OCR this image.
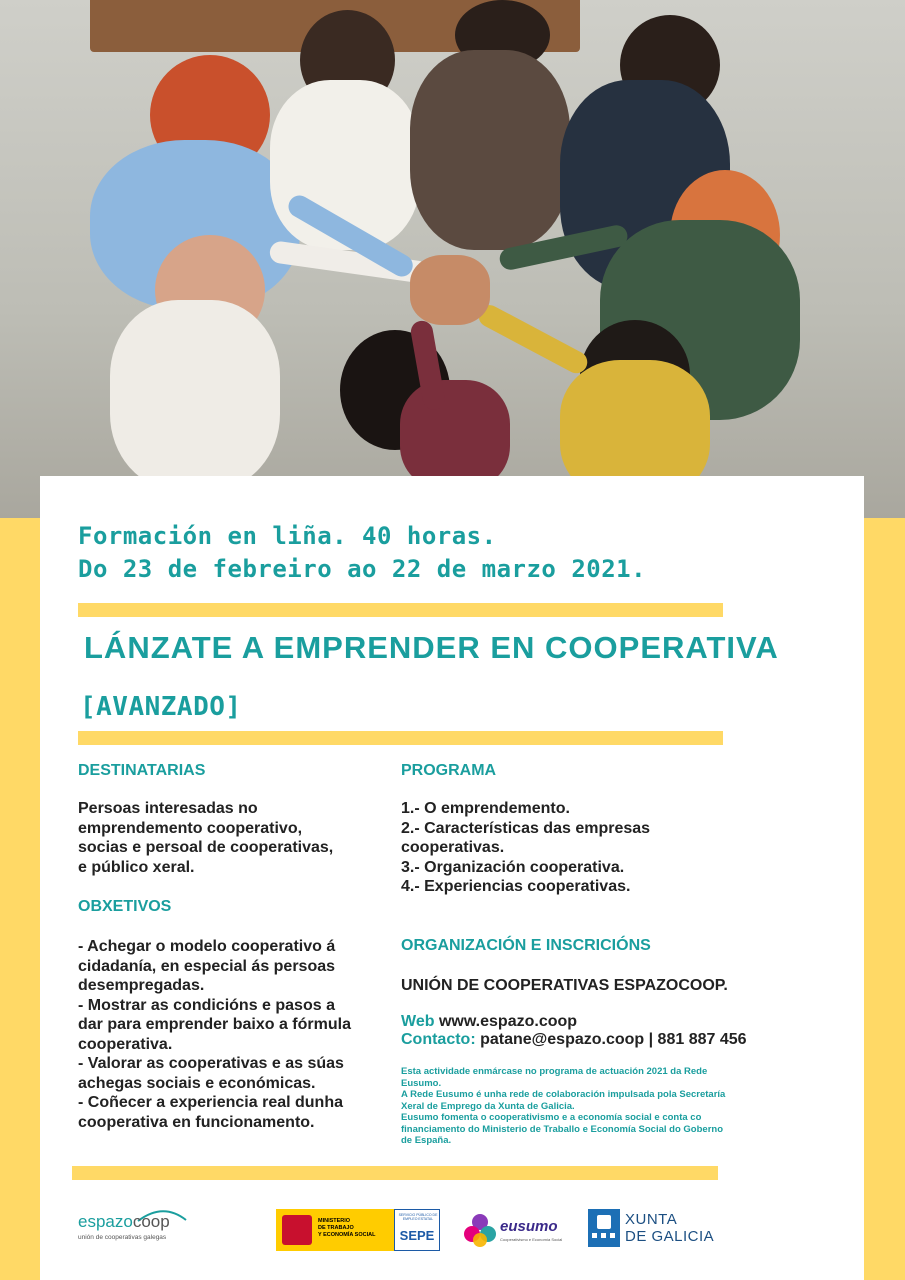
Formación en liña. 40 horas.
Do 23 de febreiro ao 22 de marzo 2021.
LÁNZATE A EMPRENDER EN COOPERATIVA
[AVANZADO]
DESTINATARIAS
Persoas interesadas no
emprendemento cooperativo,
socias e persoal de cooperativas,
e público xeral.
OBXETIVOS
- Achegar o modelo cooperativo á
cidadanía, en especial ás persoas
desempregadas.
- Mostrar as condicións e pasos a
dar para emprender baixo a fórmula
cooperativa.
- Valorar as cooperativas e as súas
achegas sociais e económicas.
- Coñecer a experiencia real dunha
cooperativa en funcionamento.
PROGRAMA
1.- O emprendemento.
2.- Características das empresas
cooperativas.
3.- Organización cooperativa.
4.- Experiencias cooperativas.
ORGANIZACIÓN E INSCRICIÓNS
UNIÓN DE COOPERATIVAS ESPAZOCOOP.
Web www.espazo.coop
Contacto: patane@espazo.coop | 881 887 456
Esta actividade enmárcase no programa de actuación 2021 da Rede
Eusumo.
A Rede Eusumo é unha rede de colaboración impulsada pola Secretaría
Xeral de Emprego da Xunta de Galicia.
Eusumo fomenta o cooperativismo e a economía social e conta co
financiamento do Ministerio de Traballo e Economía Social do Goberno
de España.
espazocoop
unión de cooperativas galegas
MINISTERIO
DE TRABAJO
Y ECONOMÍA SOCIAL
SERVICIO PÚBLICO DE EMPLEO ESTATAL
SEPE
eusumo
Cooperativismo e Economía Social
XUNTA
DE GALICIA
